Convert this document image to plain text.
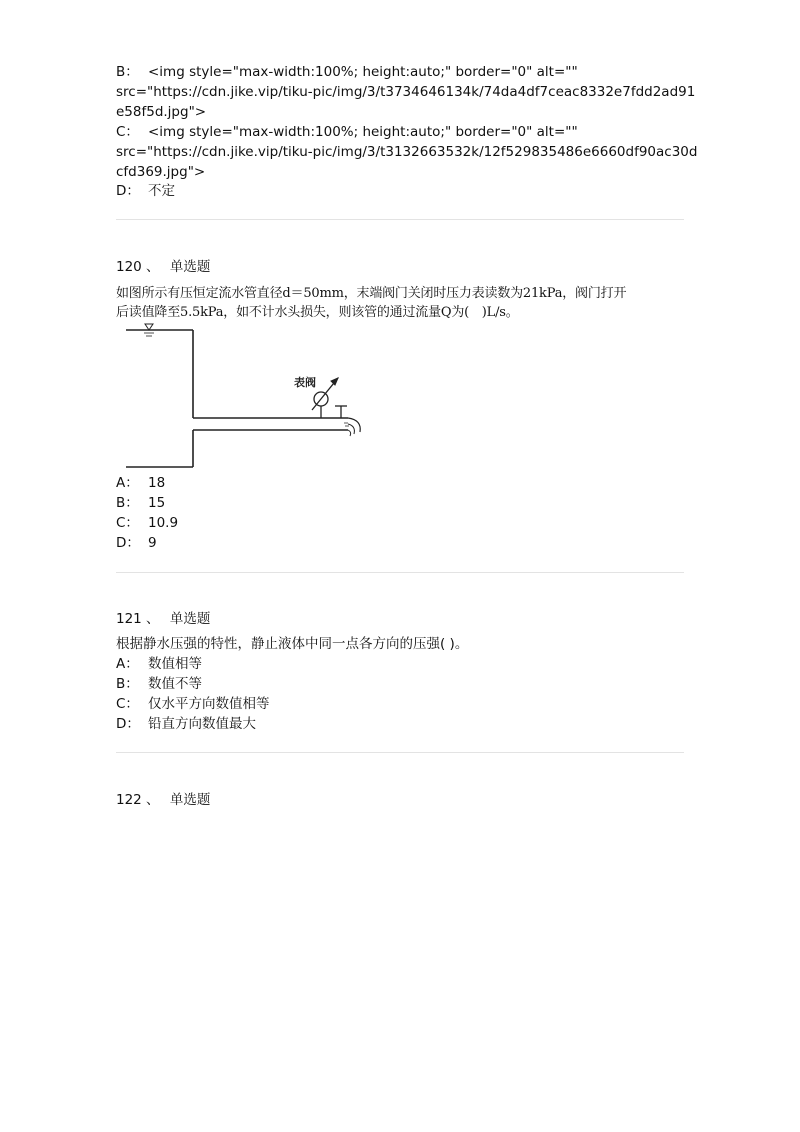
B： <img style="max-width:100%; height:auto;" border="0" alt=""
src="https://cdn.jike.vip/tiku-pic/img/3/t3734646134k/74da4df7ceac8332e7fdd2ad91
e58f5d.jpg">
C： <img style="max-width:100%; height:auto;" border="0" alt=""
src="https://cdn.jike.vip/tiku-pic/img/3/t3132663532k/12f529835486e6660df90ac30d
cfd369.jpg">
D： 不定
120 、 单选题
如图所示有压恒定流水管直径d＝50mm，末端阀门关闭时压力表读数为21kPa，阀门打开
后读值降至5.5kPa，如不计水头损失，则该管的通过流量Q为(　)L/s。
表阀
A： 18
B： 15
C： 10.9
D： 9
121 、 单选题
根据静水压强的特性，静止液体中同一点各方向的压强( )。
A： 数值相等
B： 数值不等
C： 仅水平方向数值相等
D： 铅直方向数值最大
122 、 单选题
